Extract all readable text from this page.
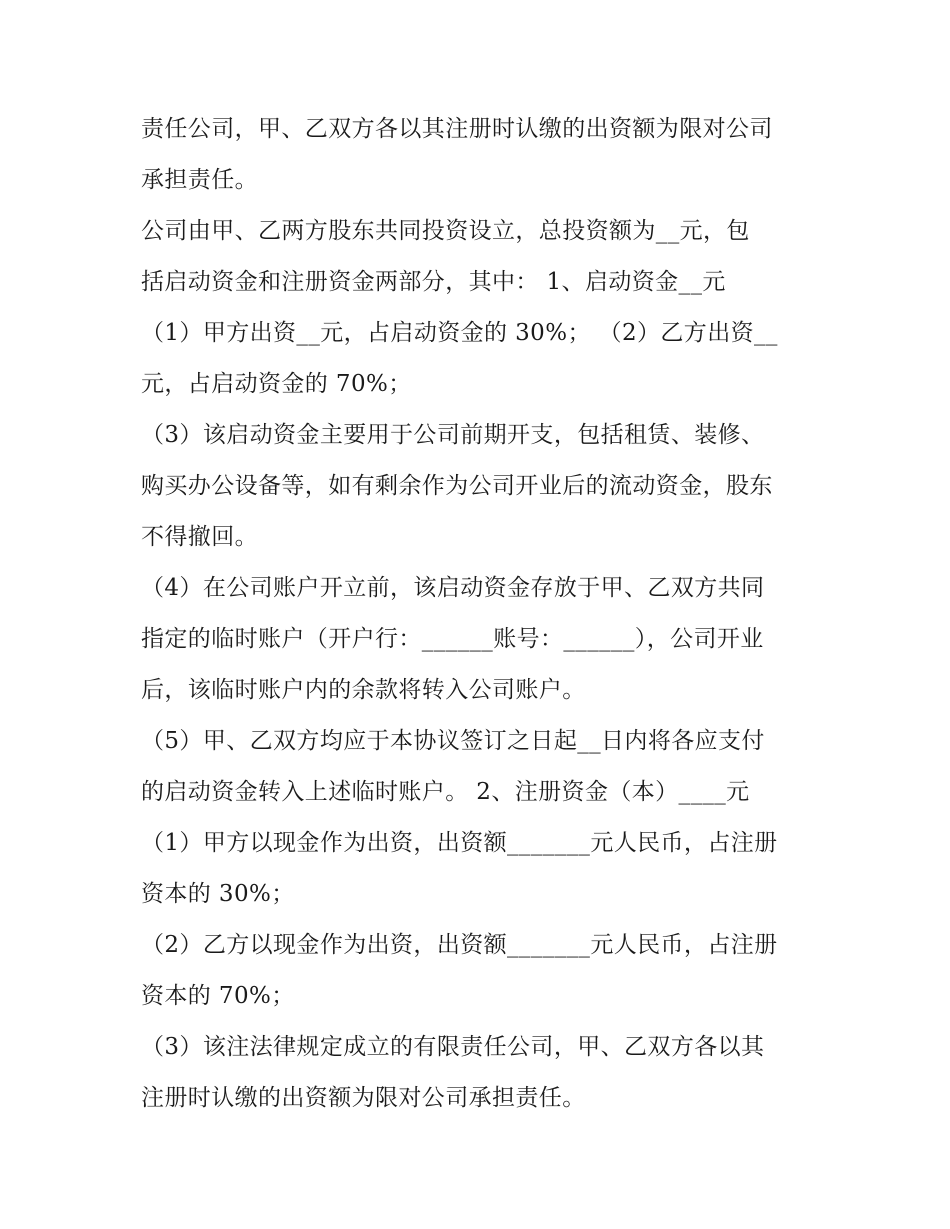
责任公司，甲、乙双方各以其注册时认缴的出资额为限对公司
承担责任。
公司由甲、乙两方股东共同投资设立，总投资额为__元，包
括启动资金和注册资金两部分，其中： 1、启动资金__元
（1）甲方出资__元，占启动资金的 30%； （2）乙方出资__
元，占启动资金的 70%；
（3）该启动资金主要用于公司前期开支，包括租赁、装修、
购买办公设备等，如有剩余作为公司开业后的流动资金，股东
不得撤回。
（4）在公司账户开立前，该启动资金存放于甲、乙双方共同
指定的临时账户（开户行：______账号：______），公司开业
后，该临时账户内的余款将转入公司账户。
（5）甲、乙双方均应于本协议签订之日起__日内将各应支付
的启动资金转入上述临时账户。 2、注册资金（本）____元
（1）甲方以现金作为出资，出资额_______元人民币，占注册
资本的 30%；
（2）乙方以现金作为出资，出资额_______元人民币，占注册
资本的 70%；
（3）该注法律规定成立的有限责任公司，甲、乙双方各以其
注册时认缴的出资额为限对公司承担责任。
